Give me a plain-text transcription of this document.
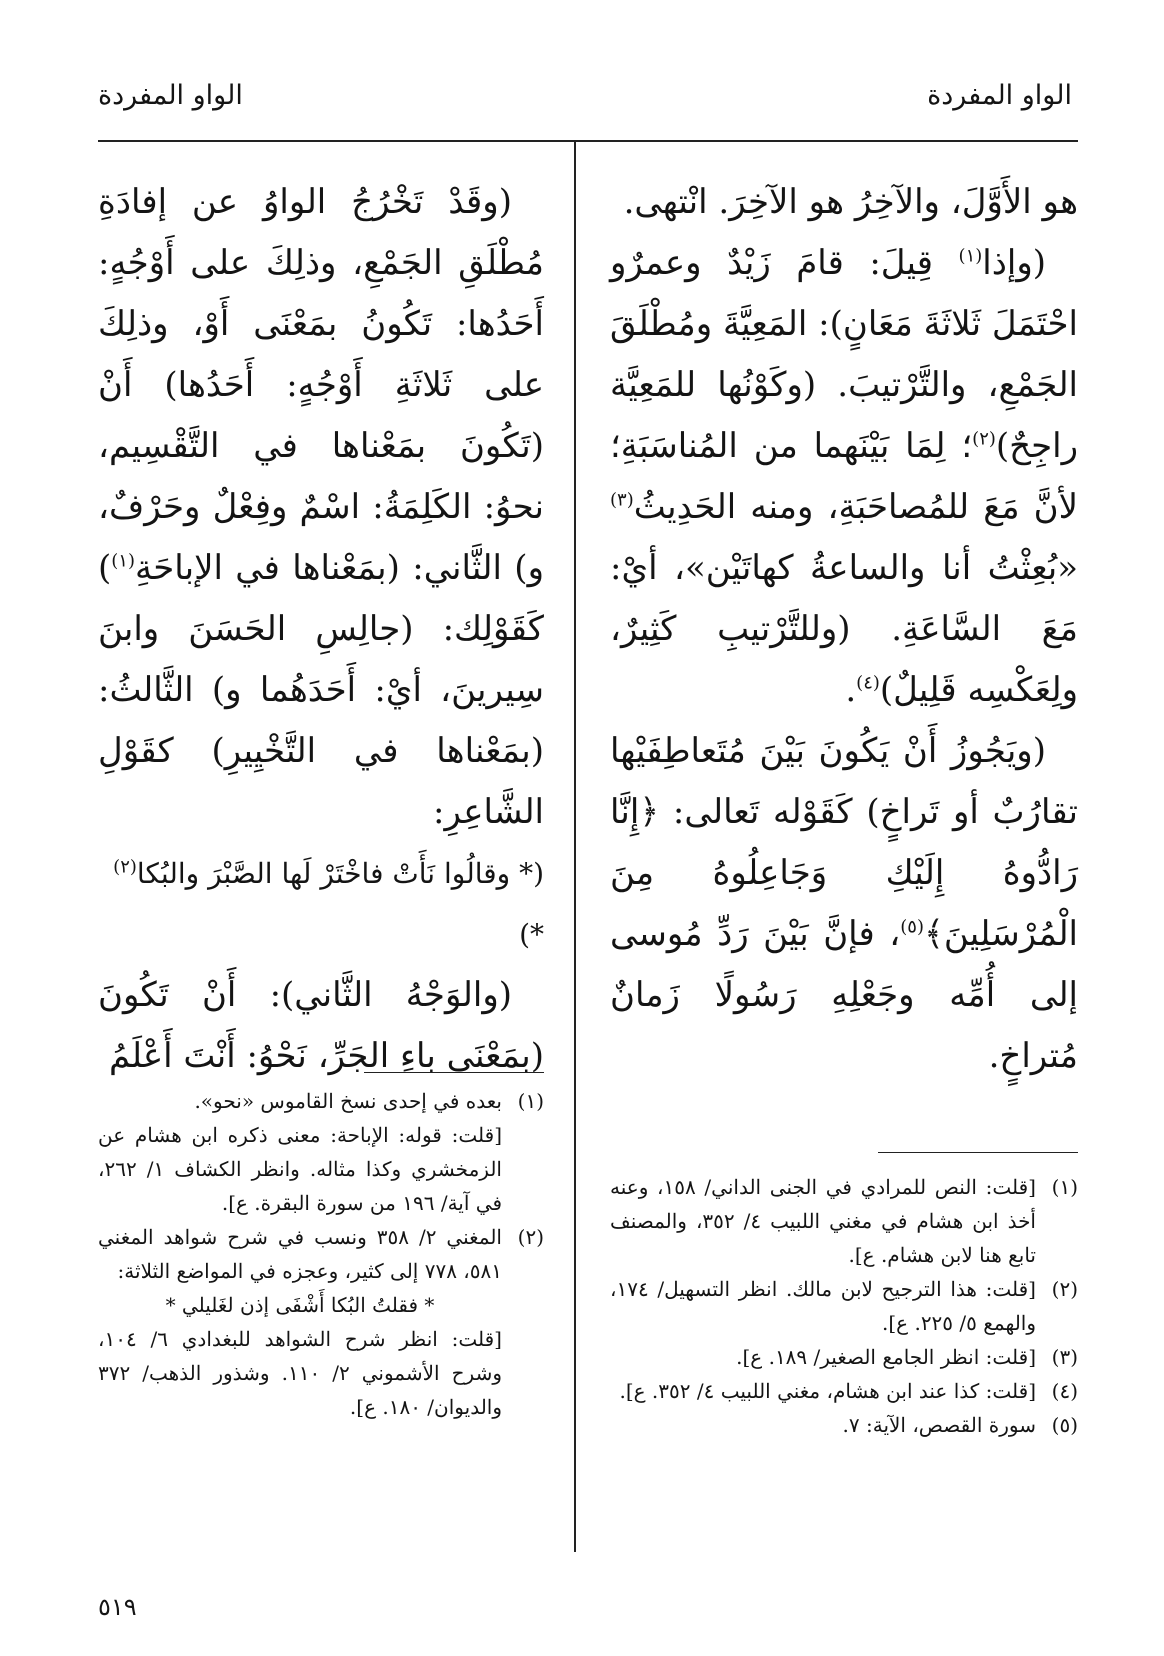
الواو المفردة
الواو المفردة

هو الأَوَّلَ، والآخِرُ هو الآخِرَ. انْتهى.

(وإذا$^{(١)}$ قِيلَ: قامَ زَيْدٌ وعمرٌو احْتَمَلَ ثَلاثَةَ مَعَانٍ): المَعِيَّةَ ومُطْلَقَ الجَمْعِ، والتَّرْتيبَ. (وكَوْنُها للمَعِيَّة راجِحٌ)$^{(٢)}$؛ لِمَا بَيْنَهما من المُناسَبَةِ؛ لأنَّ مَعَ للمُصاحَبَةِ، ومنه الحَدِيثُ$^{(٣)}$ «بُعِثْتُ أنا والساعةُ كهاتَيْن»، أيْ: مَعَ السَّاعَةِ. (وللتَّرْتيبِ كَثِيرٌ، ولِعَكْسِه قَلِيلٌ)$^{(٤)}$.

(ويَجُوزُ أَنْ يَكُونَ بَيْنَ مُتَعاطِفَيْها تقارُبٌ أو تَراخٍ) كَقَوْله تَعالى: ﴿إِنَّا رَادُّوهُ إِلَيْكِ وَجَاعِلُوهُ مِنَ الْمُرْسَلِينَ﴾$^{(٥)}$، فإنَّ بَيْنَ رَدِّ مُوسى إلى أُمِّه وجَعْلِهِ رَسُولًا زَمانٌ مُتراخٍ.

(وقَدْ تَخْرُجُ الواوُ عن إفادَةِ مُطْلَقِ الجَمْعِ، وذلِكَ على أَوْجُهٍ: أَحَدُها: تَكُونُ بمَعْنَى أَوْ، وذلِكَ على ثَلاثَةِ أَوْجُهٍ: أَحَدُها) أَنْ (تَكُونَ بمَعْناها في التَّقْسِيم، نحوُ: الكَلِمَةُ: اسْمٌ وفِعْلٌ وحَرْفٌ، و) الثَّاني: (بمَعْناها في الإباحَةِ$^{(١)}$) كَقَوْلِك: (جالِسِ الحَسَنَ وابنَ سِيرينَ، أيْ: أَحَدَهُما و) الثَّالثُ: (بمَعْناها في التَّخْيِيرِ) كقَوْلِ الشَّاعِرِ:

(* وقالُوا نَأَتْ فاخْتَرْ لَها الصَّبْرَ والبُكا$^{(٢)}$ *)

(والوَجْهُ الثَّاني): أَنْ تَكُونَ (بمَعْنَى باءِ الجَرِّ، نَحْوُ: أَنْتَ أَعْلَمُ

(١)
[قلت: النص للمرادي في الجنى الداني/ ١٥٨، وعنه أخذ ابن هشام في مغني اللبيب ٤/ ٣٥٢، والمصنف تابع هنا لابن هشام. ع].
(٢)
[قلت: هذا الترجيح لابن مالك. انظر التسهيل/ ١٧٤، والهمع ٥/ ٢٢٥. ع].
(٣)
[قلت: انظر الجامع الصغير/ ١٨٩. ع].
(٤)
[قلت: كذا عند ابن هشام، مغني اللبيب ٤/ ٣٥٢. ع].
(٥)
سورة القصص، الآية: ٧.
(١)
بعده في إحدى نسخ القاموس «نحو».
[قلت: قوله: الإباحة: معنى ذكره ابن هشام عن الزمخشري وكذا مثاله. وانظر الكشاف ١/ ٢٦٢، في آية/ ١٩٦ من سورة البقرة. ع].
(٢)
المغني ٢/ ٣٥٨ ونسب في شرح شواهد المغني ٥٨١، ٧٧٨ إلى كثير، وعجزه في المواضع الثلاثة:
* فقلتُ البُكا أَشْفَى إذن لغَليلي *
[قلت: انظر شرح الشواهد للبغدادي ٦/ ١٠٤، وشرح الأشموني ٢/ ١١٠. وشذور الذهب/ ٣٧٢ والديوان/ ١٨٠. ع].
٥١٩
